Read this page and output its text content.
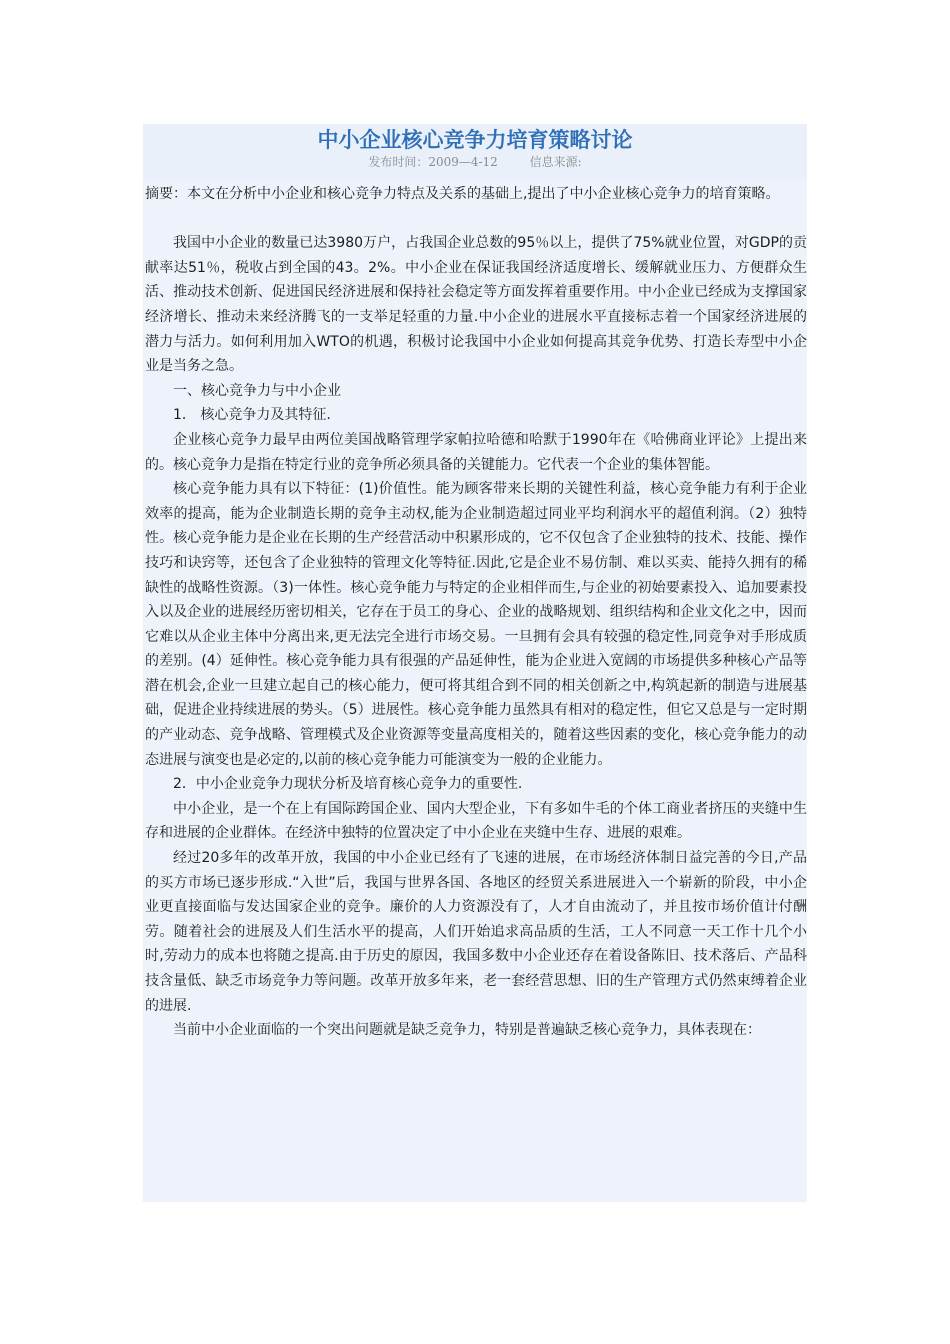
中小企业核心竞争力培育策略讨论
发布时间：2009—4-12	信息来源:

摘要：本文在分析中小企业和核心竞争力特点及关系的基础上,提出了中小企业核心竞争力的培育策略。

我国中小企业的数量已达3980万户，占我国企业总数的95％以上，提供了75%就业位置，对GDP的贡献率达51％，税收占到全国的43。2%。中小企业在保证我国经济适度增长、缓解就业压力、方便群众生活、推动技术创新、促进国民经济进展和保持社会稳定等方面发挥着重要作用。中小企业已经成为支撑国家经济增长、推动未来经济腾飞的一支举足轻重的力量.中小企业的进展水平直接标志着一个国家经济进展的潜力与活力。如何利用加入WTO的机遇，积极讨论我国中小企业如何提高其竞争优势、打造长寿型中小企业是当务之急。

一、核心竞争力与中小企业

1． 核心竞争力及其特征.

企业核心竞争力最早由两位美国战略管理学家帕拉哈德和哈默于1990年在《哈佛商业评论》上提出来的。核心竞争力是指在特定行业的竞争所必须具备的关键能力。它代表一个企业的集体智能。

核心竞争能力具有以下特征：(1)价值性。能为顾客带来长期的关键性利益，核心竞争能力有利于企业效率的提高，能为企业制造长期的竞争主动权,能为企业制造超过同业平均利润水平的超值利润。（2）独特性。核心竞争能力是企业在长期的生产经营活动中积累形成的，它不仅包含了企业独特的技术、技能、操作技巧和诀窍等，还包含了企业独特的管理文化等特征.因此,它是企业不易仿制、难以买卖、能持久拥有的稀缺性的战略性资源。（3)一体性。核心竞争能力与特定的企业相伴而生,与企业的初始要素投入、追加要素投入以及企业的进展经历密切相关，它存在于员工的身心、企业的战略规划、组织结构和企业文化之中，因而它难以从企业主体中分离出来,更无法完全进行市场交易。一旦拥有会具有较强的稳定性,同竞争对手形成质的差别。(4）延伸性。核心竞争能力具有很强的产品延伸性，能为企业进入宽阔的市场提供多种核心产品等潜在机会,企业一旦建立起自己的核心能力，便可将其组合到不同的相关创新之中,构筑起新的制造与进展基础，促进企业持续进展的势头。（5）进展性。核心竞争能力虽然具有相对的稳定性，但它又总是与一定时期的产业动态、竞争战略、管理模式及企业资源等变量高度相关的，随着这些因素的变化，核心竞争能力的动态进展与演变也是必定的,以前的核心竞争能力可能演变为一般的企业能力。

2．中小企业竞争力现状分析及培育核心竞争力的重要性.

中小企业，是一个在上有国际跨国企业、国内大型企业，下有多如牛毛的个体工商业者挤压的夹缝中生存和进展的企业群体。在经济中独特的位置决定了中小企业在夹缝中生存、进展的艰难。

经过20多年的改革开放，我国的中小企业已经有了飞速的进展，在市场经济体制日益完善的今日,产品的买方市场已逐步形成.“入世”后，我国与世界各国、各地区的经贸关系进展进入一个崭新的阶段，中小企业更直接面临与发达国家企业的竞争。廉价的人力资源没有了，人才自由流动了，并且按市场价值计付酬劳。随着社会的进展及人们生活水平的提高，人们开始追求高品质的生活，工人不同意一天工作十几个小时,劳动力的成本也将随之提高.由于历史的原因，我国多数中小企业还存在着设备陈旧、技术落后、产品科技含量低、缺乏市场竞争力等问题。改革开放多年来，老一套经营思想、旧的生产管理方式仍然束缚着企业的进展.

当前中小企业面临的一个突出问题就是缺乏竞争力，特别是普遍缺乏核心竞争力，具体表现在：
